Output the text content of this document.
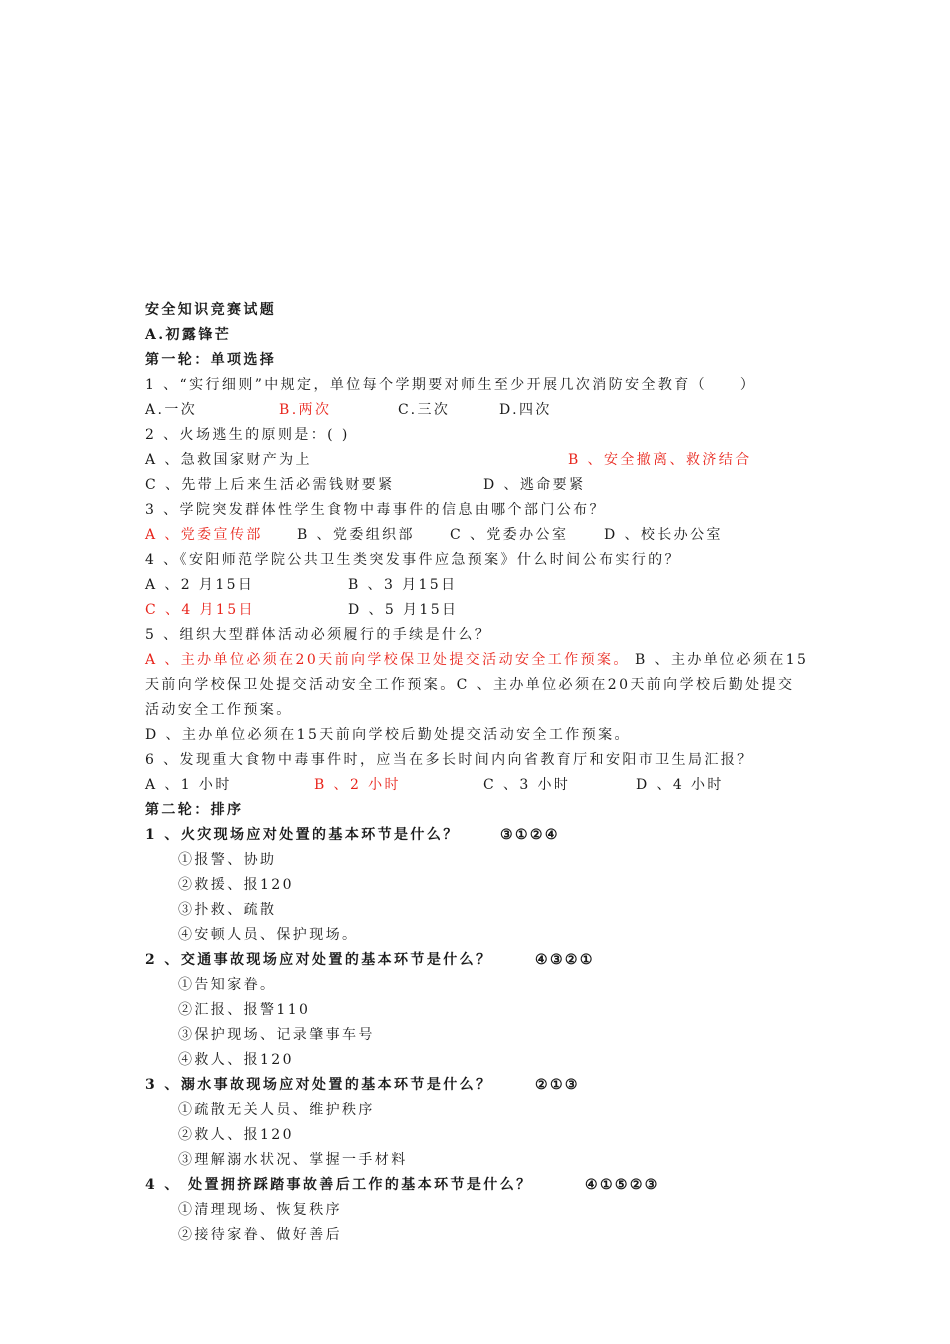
安全知识竞赛试题
A.初露锋芒
第一轮：单项选择
1 、“实行细则”中规定，单位每个学期要对师生至少开展几次消防安全教育（　　）
A.一次	B.两次	C.三次	D.四次
2 、火场逃生的原则是：( )
A 、急救国家财产为上	B 、安全撤离、救济结合
C 、先带上后来生活必需钱财要紧	D 、逃命要紧
3 、学院突发群体性学生食物中毒事件的信息由哪个部门公布？
A 、党委宣传部 B 、党委组织部	C 、党委办公室	D 、校长办公室
4 、《安阳师范学院公共卫生类突发事件应急预案》什么时间公布实行的？
A 、2 月15日	B 、3 月15日
C 、4 月15日	D 、5 月15日
5 、组织大型群体活动必须履行的手续是什么？
A 、主办单位必须在20天前向学校保卫处提交活动安全工作预案。 B 、主办单位必须在15
天前向学校保卫处提交活动安全工作预案。C 、主办单位必须在20天前向学校后勤处提交
活动安全工作预案。
D 、主办单位必须在15天前向学校后勤处提交活动安全工作预案。
6 、发现重大食物中毒事件时，应当在多长时间内向省教育厅和安阳市卫生局汇报？
A 、1 小时	B 、2 小时	C 、3 小时	D 、4 小时
第二轮：排序
1 、火灾现场应对处置的基本环节是什么？	③①②④
①报警、协助
②救援、报120
③扑救、疏散
④安顿人员、保护现场。
2 、交通事故现场应对处置的基本环节是什么？	④③②①
①告知家眷。
②汇报、报警110
③保护现场、记录肇事车号
④救人、报120
3 、溺水事故现场应对处置的基本环节是什么？	②①③
①疏散无关人员、维护秩序
②救人、报120
③理解溺水状况、掌握一手材料
4 、 处置拥挤踩踏事故善后工作的基本环节是什么？	④①⑤②③
①清理现场、恢复秩序
②接待家眷、做好善后
